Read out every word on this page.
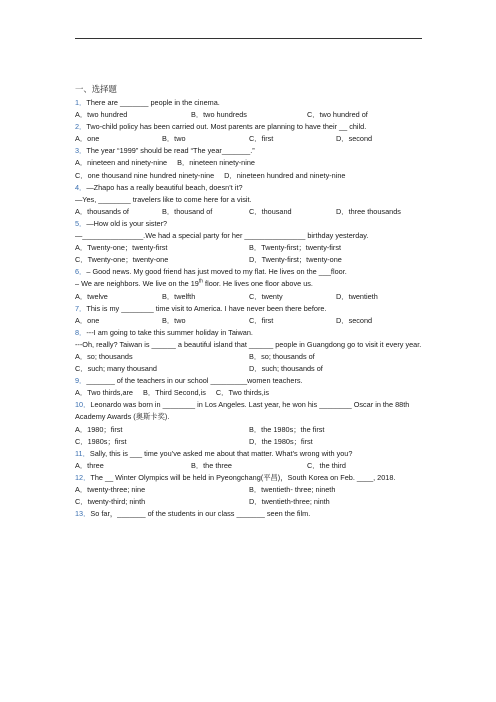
一、选择题
1．There are _______ people in the cinema.
A．two hundred	B．two hundreds	C．two hundred of
2．Two-child policy has been carried out. Most parents are planning to have their __ child.
A．one	B．two	C．first	D．second
3．The year “1999” should be read “The year_______.”
A．nineteen and ninety-nine B．nineteen ninety-nine
C．one thousand nine hundred ninety-nine D．nineteen hundred and ninety-nine
4．—Zhapo has a really beautiful beach, doesn’t it?
—Yes, ________ travelers like to come here for a visit.
A．thousands of	B．thousand of	C．thousand	D．three thousands
5．—How old is your sister?
—_______________.We had a special party for her _______________ birthday yesterday.
A．Twenty-one；twenty-first	B．Twenty-first；twenty-first
C．Twenty-one；twenty-one	D．Twenty-first；twenty-one
6．– Good news. My good friend has just moved to my flat. He lives on the ___floor.
– We are neighbors. We live on the 19th floor. He lives one floor above us.
A．twelve	B．twelfth	C．twenty	D．twentieth
7．This is my ________ time visit to America. I have never been there before.
A．one	B．two	C．first	D．second
8．---I am going to take this summer holiday in Taiwan.
---Oh, really? Taiwan is ______ a beautiful island that ______ people in Guangdong go to visit it every year.
A．so; thousands	B．so; thousands of
C．such; many thousand	D．such; thousands of
9．_______ of the teachers in our school _________women teachers.
A．Two thirds,are B．Third Second,is C．Two thirds,is
10．Leonardo was born in ________ in Los Angeles. Last year, he won his ________ Oscar in the 88th Academy Awards (奥斯卡奖).
A．1980；first	B．the 1980s；the first
C．1980s；first	D．the 1980s；first
11．Sally, this is ___ time you’ve asked me about that matter. What’s wrong with you?
A．three	B．the three	C．the third
12．The __ Winter Olympics will be held in Pyeongchang(平昌)，South Korea on Feb. ____, 2018.
A．twenty-three; nine	B．twentieth- three; nineth
C．twenty-third; ninth	D．twentieth-three; ninth
13．So far，_______ of the students in our class _______ seen the film.
